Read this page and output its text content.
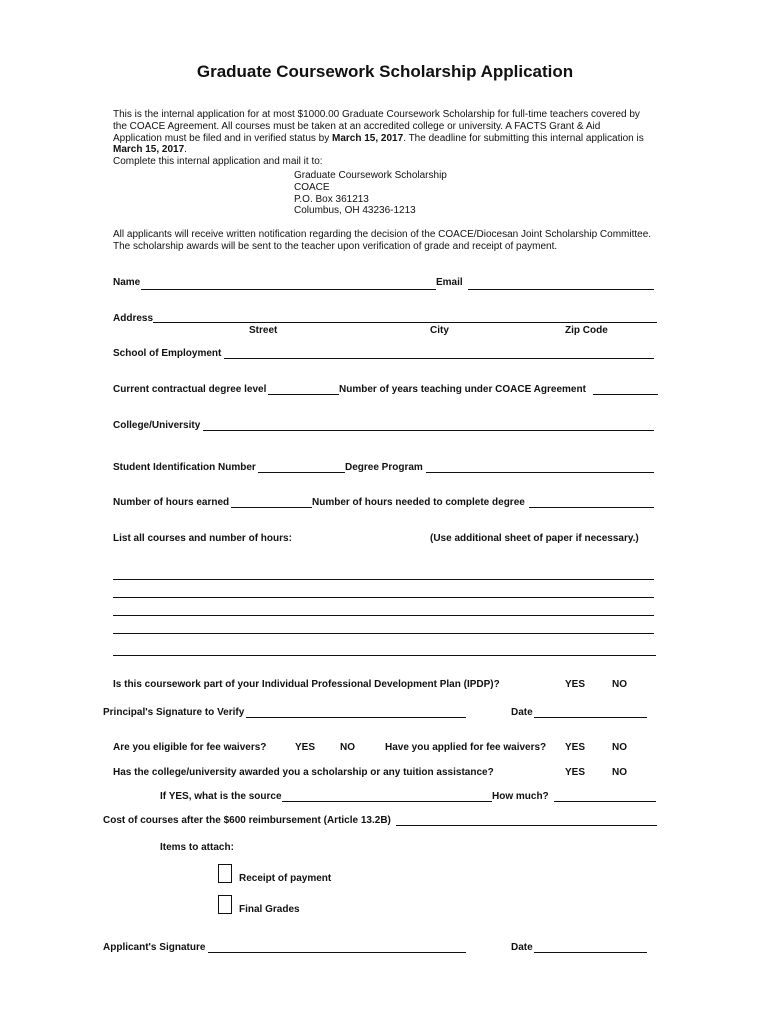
Graduate Coursework Scholarship Application
This is the internal application for at most $1000.00 Graduate Coursework Scholarship for full-time teachers covered by
the COACE Agreement. All courses must be taken at an accredited college or university. A FACTS Grant & Aid
Application must be filed and in verified status by March 15, 2017. The deadline for submitting this internal application is
March 15, 2017.
Complete this internal application and mail it to:
Graduate Coursework Scholarship
COACE
P.O. Box 361213
Columbus, OH 43236-1213
All applicants will receive written notification regarding the decision of the COACE/Diocesan Joint Scholarship Committee.
The scholarship awards will be sent to the teacher upon verification of grade and receipt of payment.
Name	Email
Address
Street	City	Zip Code
School of Employment
Current contractual degree level	Number of years teaching under COACE Agreement
College/University
Student Identification Number	Degree Program
Number of hours earned	Number of hours needed to complete degree
List all courses and number of hours:	(Use additional sheet of paper if necessary.)
Is this coursework part of your Individual Professional Development Plan (IPDP)?	YES	NO
Principal's Signature to Verify	Date
Are you eligible for fee waivers?	YES NO	Have you applied for fee waivers? YES	NO
Has the college/university awarded you a scholarship or any tuition assistance?	YES	NO
If YES, what is the source	How much?
Cost of courses after the $600 reimbursement (Article 13.2B)
Items to attach:
Receipt of payment
Final Grades
Applicant's Signature	Date
